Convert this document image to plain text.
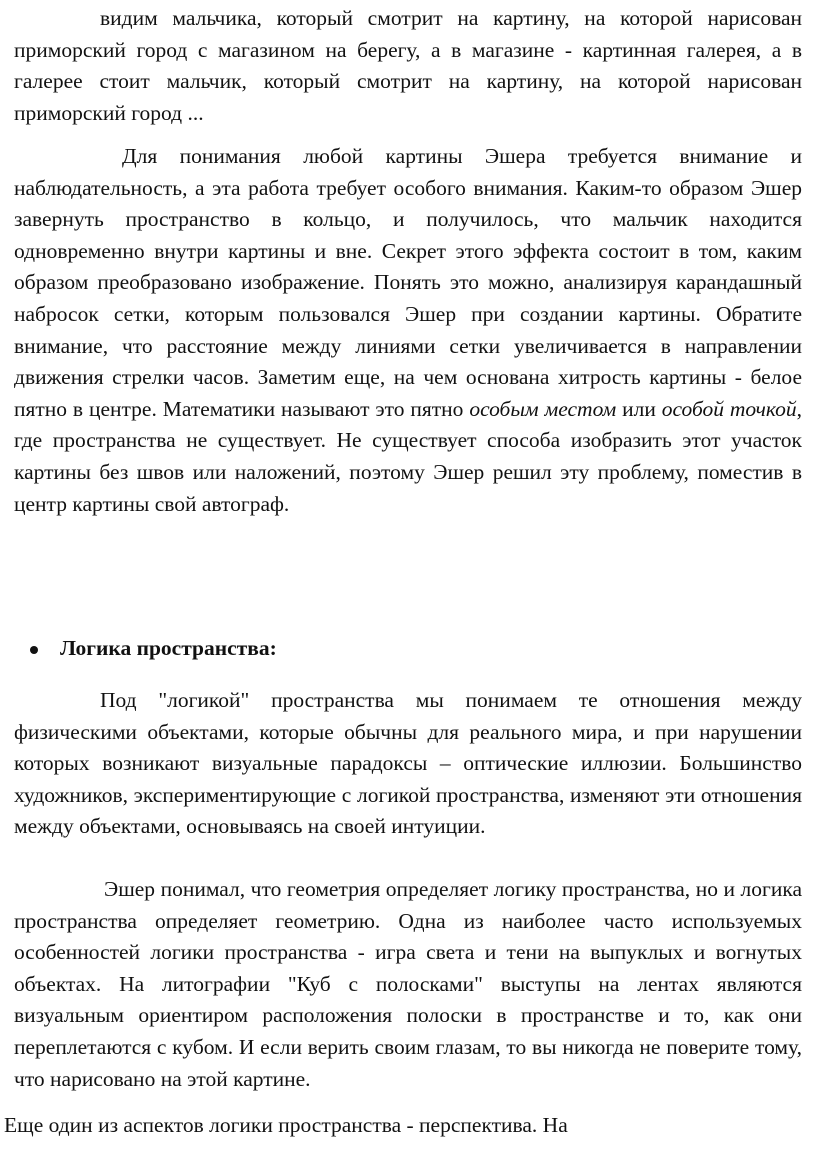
видим мальчика, который смотрит на картину, на которой нарисован приморский город с магазином на берегу, а в магазине - картинная галерея, а в галерее стоит мальчик, который смотрит на картину, на которой нарисован приморский город ...

Для понимания любой картины Эшера требуется внимание и наблюдательность, а эта работа требует особого внимания. Каким-то образом Эшер завернуть пространство в кольцо, и получилось, что мальчик находится одновременно внутри картины и вне. Секрет этого эффекта состоит в том, каким образом преобразовано изображение. Понять это можно, анализируя карандашный набросок сетки, которым пользовался Эшер при создании картины. Обратите внимание, что расстояние между линиями сетки увеличивается в направлении движения стрелки часов. Заметим еще, на чем основана хитрость картины - белое пятно в центре. Математики называют это пятно особым местом или особой точкой, где пространства не существует. Не существует способа изобразить этот участок картины без швов или наложений, поэтому Эшер решил эту проблему, поместив в центр картины свой автограф.

Логика пространства:

Под "логикой" пространства мы понимаем те отношения между физическими объектами, которые обычны для реального мира, и при нарушении которых возникают визуальные парадоксы – оптические иллюзии. Большинство художников, экспериментирующие с логикой пространства, изменяют эти отношения между объектами, основываясь на своей интуиции.

Эшер понимал, что геометрия определяет логику пространства, но и логика пространства определяет геометрию. Одна из наиболее часто используемых особенностей логики пространства - игра света и тени на выпуклых и вогнутых объектах. На литографии "Куб с полосками" выступы на лентах являются визуальным ориентиром расположения полоски в пространстве и то, как они переплетаются с кубом. И если верить своим глазам, то вы никогда не поверите тому, что нарисовано на этой картине.

Еще один из аспектов логики пространства - перспектива. На
